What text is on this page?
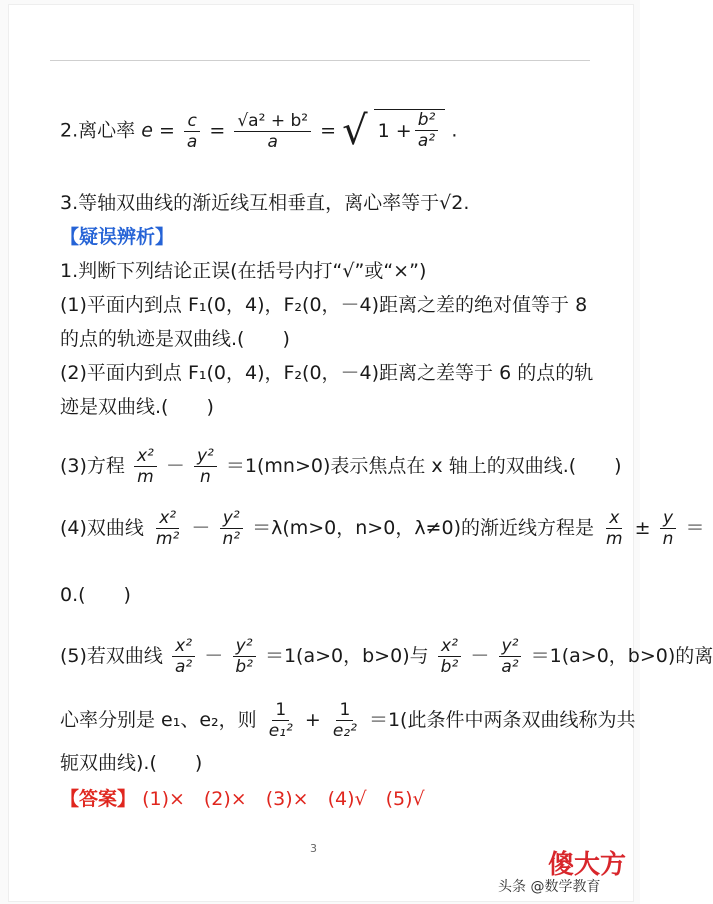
2.离心率 $e = \frac{c}{a} = \frac{\text{√a² + b²}}{a}$ = √ $1 + \frac{\text{b²}}{\text{a²}}$ .
3.等轴双曲线的渐近线互相垂直，离心率等于√2.
【疑误辨析】
1.判断下列结论正误(在括号内打“√”或“×”)
(1)平面内到点 F₁(0，4)，F₂(0，－4)距离之差的绝对值等于 8
的点的轨迹是双曲线.(　　)
(2)平面内到点 F₁(0，4)，F₂(0，－4)距离之差等于 6 的点的轨
迹是双曲线.(　　)
(3)方程 $\frac{\text{x²}}{m} - \frac{\text{y²}}{n} =1(mn>0)$表示焦点在 x 轴上的双曲线.(　　)
(4)双曲线 $\frac{\text{x²}}{\text{m²}} - \frac{\text{y²}}{\text{n²}} =\lambda(m>0$，n>0，λ≠0)的渐近线方程是 $\frac{x}{m} \pm \frac{y}{n}$ ＝
0.(　　)
(5)若双曲线 $\frac{\text{x²}}{\text{a²}} - \frac{\text{y²}}{\text{b²}} =1(a>0$，b>0)与 $\frac{\text{x²}}{\text{b²}} - \frac{\text{y²}}{\text{a²}} =1(a>0$，b>0)的离
心率分别是 e₁、e₂，则 $\frac{1}{\text{e₁²}} + \frac{1}{\text{e₂²}} =1$(此条件中两条双曲线称为共
轭双曲线).(　　)
【答案】 (1)×　(2)×　(3)×　(4)√　(5)√
3
傻大方
头条 @数学教育
